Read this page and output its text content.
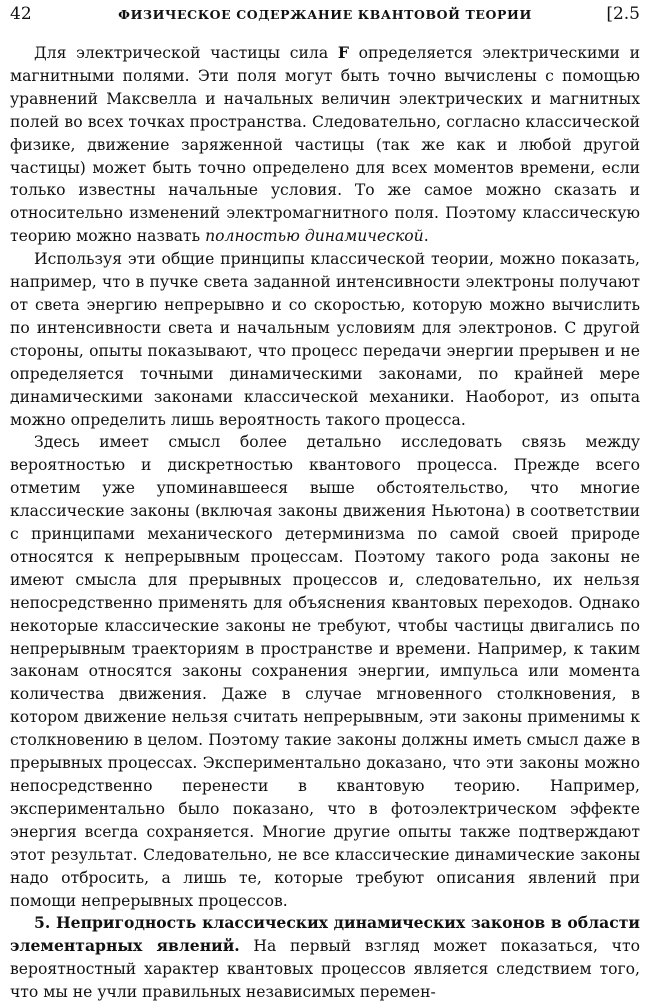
42	ФИЗИЧЕСКОЕ СОДЕРЖАНИЕ КВАНТОВОЙ ТЕОРИИ	[2.5

Для электрической частицы сила F определяется электрическими и магнитными полями. Эти поля могут быть точно вычислены с помощью уравнений Максвелла и начальных величин электрических и магнитных полей во всех точках пространства. Следовательно, согласно классической физике, движение заряженной частицы (так же как и любой другой частицы) может быть точно определено для всех моментов времени, если только известны начальные условия. То же самое можно сказать и относительно изменений электромагнитного поля. Поэтому классическую теорию можно назвать полностью динамической.

Используя эти общие принципы классической теории, можно показать, например, что в пучке света заданной интенсивности электроны получают от света энергию непрерывно и со скоростью, которую можно вычислить по интенсивности света и начальным условиям для электронов. С другой стороны, опыты показывают, что процесс передачи энергии прерывен и не определяется точными динамическими законами, по крайней мере динамическими законами классической механики. Наоборот, из опыта можно определить лишь вероятность такого процесса.

Здесь имеет смысл более детально исследовать связь между вероятностью и дискретностью квантового процесса. Прежде всего отметим уже упоминавшееся выше обстоятельство, что многие классические законы (включая законы движения Ньютона) в соответствии с принципами механического детерминизма по самой своей природе относятся к непрерывным процессам. Поэтому такого рода законы не имеют смысла для прерывных процессов и, следовательно, их нельзя непосредственно применять для объяснения квантовых переходов. Однако некоторые классические законы не требуют, чтобы частицы двигались по непрерывным траекториям в пространстве и времени. Например, к таким законам относятся законы сохранения энергии, импульса или момента количества движения. Даже в случае мгновенного столкновения, в котором движение нельзя считать непрерывным, эти законы применимы к столкновению в целом. Поэтому такие законы должны иметь смысл даже в прерывных процессах. Экспериментально доказано, что эти законы можно непосредственно перенести в квантовую теорию. Например, экспериментально было показано, что в фотоэлектрическом эффекте энергия всегда сохраняется. Многие другие опыты также подтверждают этот результат. Следовательно, не все классические динамические законы надо отбросить, а лишь те, которые требуют описания явлений при помощи непрерывных процессов.

5. Непригодность классических динамических законов в области элементарных явлений. На первый взгляд может показаться, что вероятностный характер квантовых процессов является следствием того, что мы не учли правильных независимых перемен-
